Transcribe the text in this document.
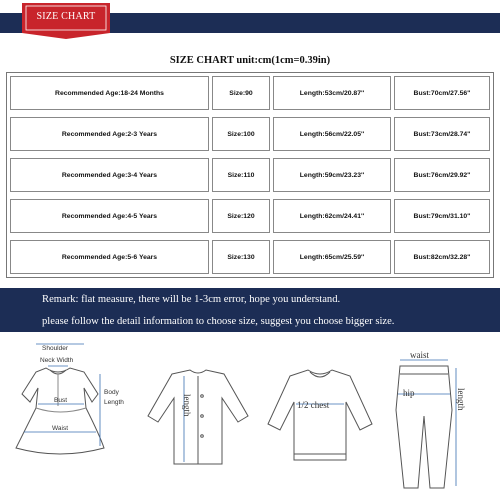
SIZE CHART
SIZE CHART unit:cm(1cm=0.39in)
Recommended Age:18-24 Months	Size:90	Length:53cm/20.87''	Bust:70cm/27.56''
Recommended Age:2-3 Years	Size:100	Length:56cm/22.05''	Bust:73cm/28.74''
Recommended Age:3-4 Years	Size:110	Length:59cm/23.23''	Bust:76cm/29.92''
Recommended Age:4-5 Years	Size:120	Length:62cm/24.41''	Bust:79cm/31.10''
Recommended Age:5-6 Years	Size:130	Length:65cm/25.59''	Bust:82cm/32.28''
Remark: flat measure, there will be 1-3cm error, hope you understand.
please follow the detail information to choose size, suggest you choose bigger size.
Shoulder
Neck Width
Body
Length
Bust
Waist
length	1/2 chest
waist
hip	length
